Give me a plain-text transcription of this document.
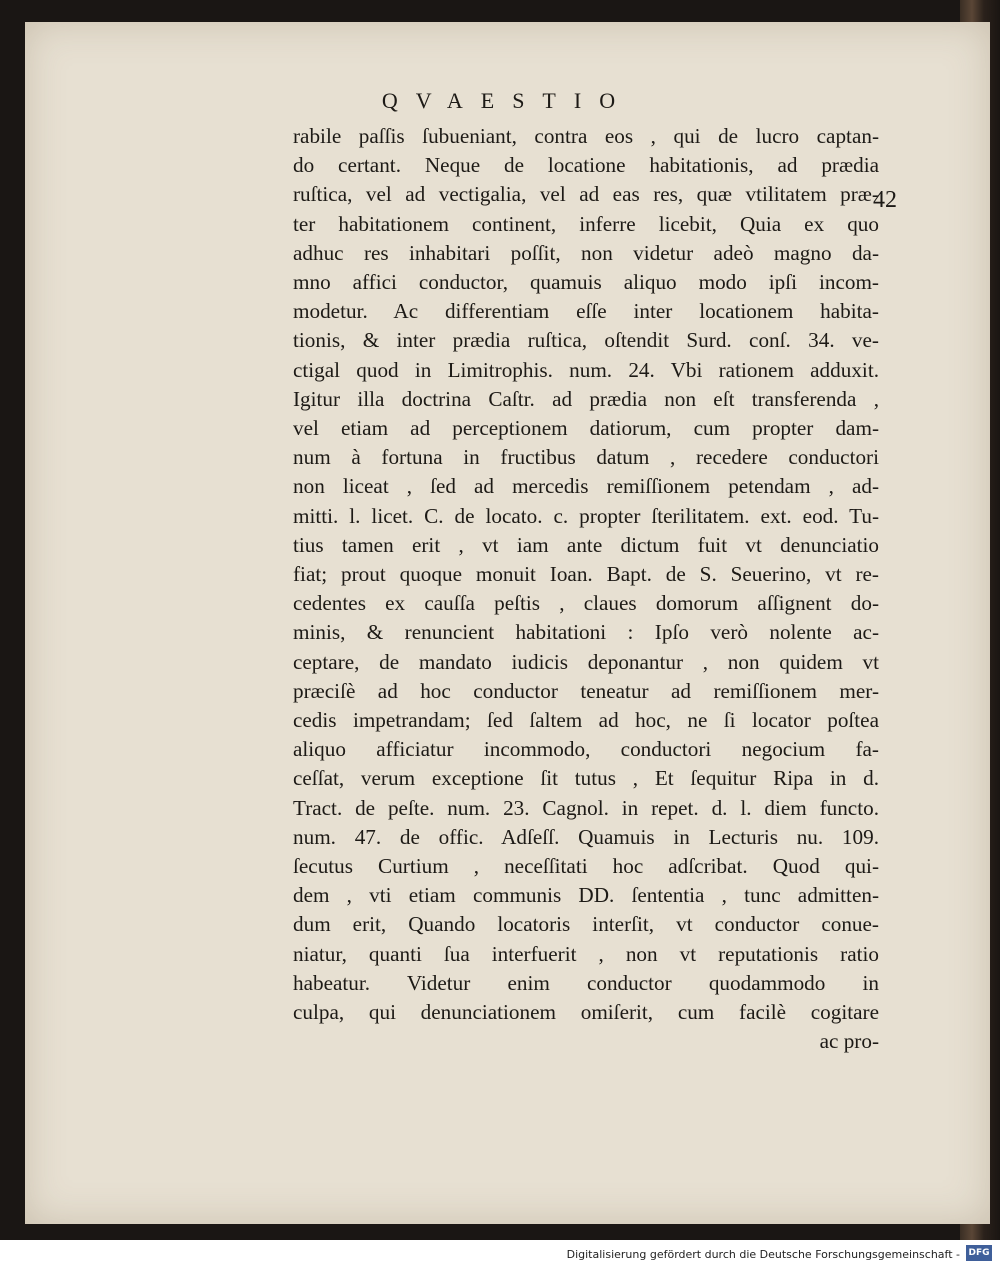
QVAESTIO
42
rabile paſſis ſubueniant, contra eos , qui de lucro captan-
do certant. Neque de locatione habitationis, ad prædia
ruſtica, vel ad vectigalia, vel ad eas res, quæ vtilitatem præ-
ter habitationem continent, inferre licebit, Quia ex quo
adhuc res inhabitari poſſit, non videtur adeò magno da-
mno affici conductor, quamuis aliquo modo ipſi incom-
modetur. Ac differentiam eſſe inter locationem habita-
tionis, & inter prædia ruſtica, oſtendit Surd. conſ. 34. ve-
ctigal quod in Limitrophis. num. 24. Vbi rationem adduxit.
Igitur illa doctrina Caſtr. ad prædia non eſt transferenda ,
vel etiam ad perceptionem datiorum, cum propter dam-
num à fortuna in fructibus datum , recedere conductori
non liceat , ſed ad mercedis remiſſionem petendam , ad-
mitti. l. licet. C. de locato. c. propter ſterilitatem. ext. eod. Tu-
tius tamen erit , vt iam ante dictum fuit vt denunciatio
fiat; prout quoque monuit Ioan. Bapt. de S. Seuerino, vt re-
cedentes ex cauſſa peſtis , claues domorum aſſignent do-
minis, & renuncient habitationi : Ipſo verò nolente ac-
ceptare, de mandato iudicis deponantur , non quidem vt
præciſè ad hoc conductor teneatur ad remiſſionem mer-
cedis impetrandam; ſed ſaltem ad hoc, ne ſi locator poſtea
aliquo afficiatur incommodo, conductori negocium fa-
ceſſat, verum exceptione ſit tutus , Et ſequitur Ripa in d.
Tract. de peſte. num. 23. Cagnol. in repet. d. l. diem functo.
num. 47. de offic. Adſeſſ. Quamuis in Lecturis nu. 109.
ſecutus Curtium , neceſſitati hoc adſcribat. Quod qui-
dem , vti etiam communis DD. ſententia , tunc admitten-
dum erit, Quando locatoris interſit, vt conductor conue-
niatur, quanti ſua interfuerit , non vt reputationis ratio
habeatur. Videtur enim conductor quodammodo in
culpa, qui denunciationem omiſerit, cum facilè cogitare
ac pro-
Digitalisierung gefördert durch die Deutsche Forschungsgemeinschaft - DFG
